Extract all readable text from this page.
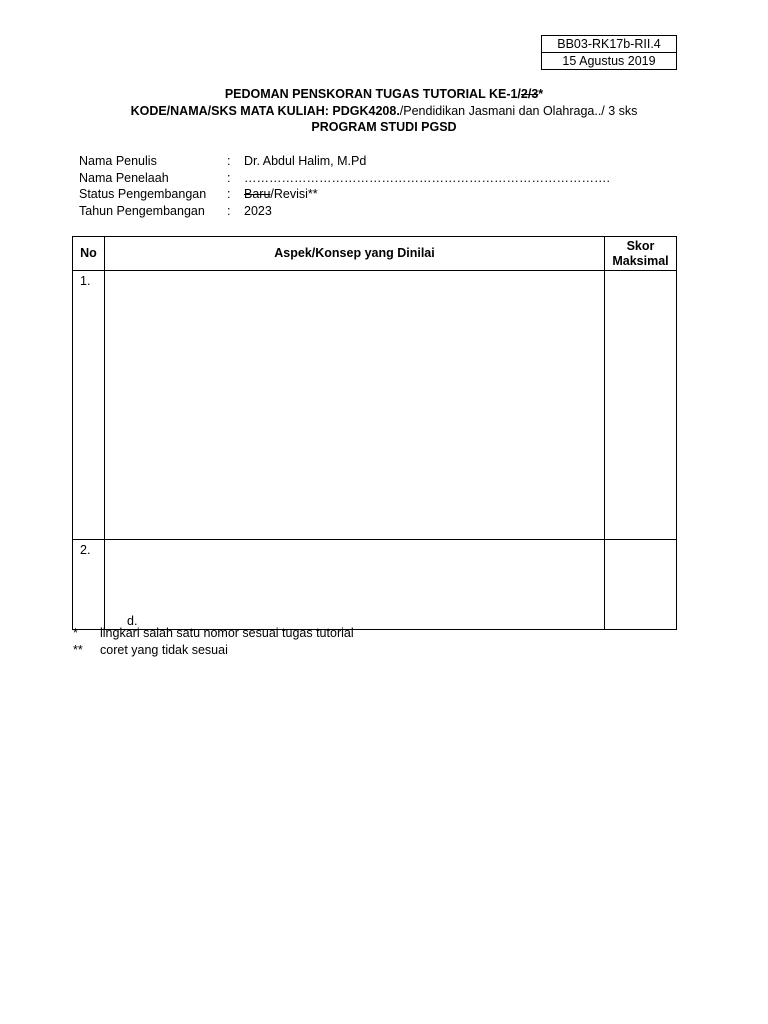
BB03-RK17b-RII.4
15 Agustus 2019
PEDOMAN PENSKORAN TUGAS TUTORIAL KE-1/2/3*
KODE/NAMA/SKS MATA KULIAH: PDGK4208./Pendidikan Jasmani dan Olahraga../ 3 sks
PROGRAM STUDI PGSD
Nama Penulis	: Dr. Abdul Halim, M.Pd
Nama Penelaah	: …………………………………………………………………………….
Status Pengembangan : Baru/Revisi**
Tahun Pengembangan : 2023
No	Aspek/Konsep yang Dinilai	Skor
Maksimal
1.		
2.	d.	

* lingkari salah satu nomor sesuai tugas tutorial
** coret yang tidak sesuai
